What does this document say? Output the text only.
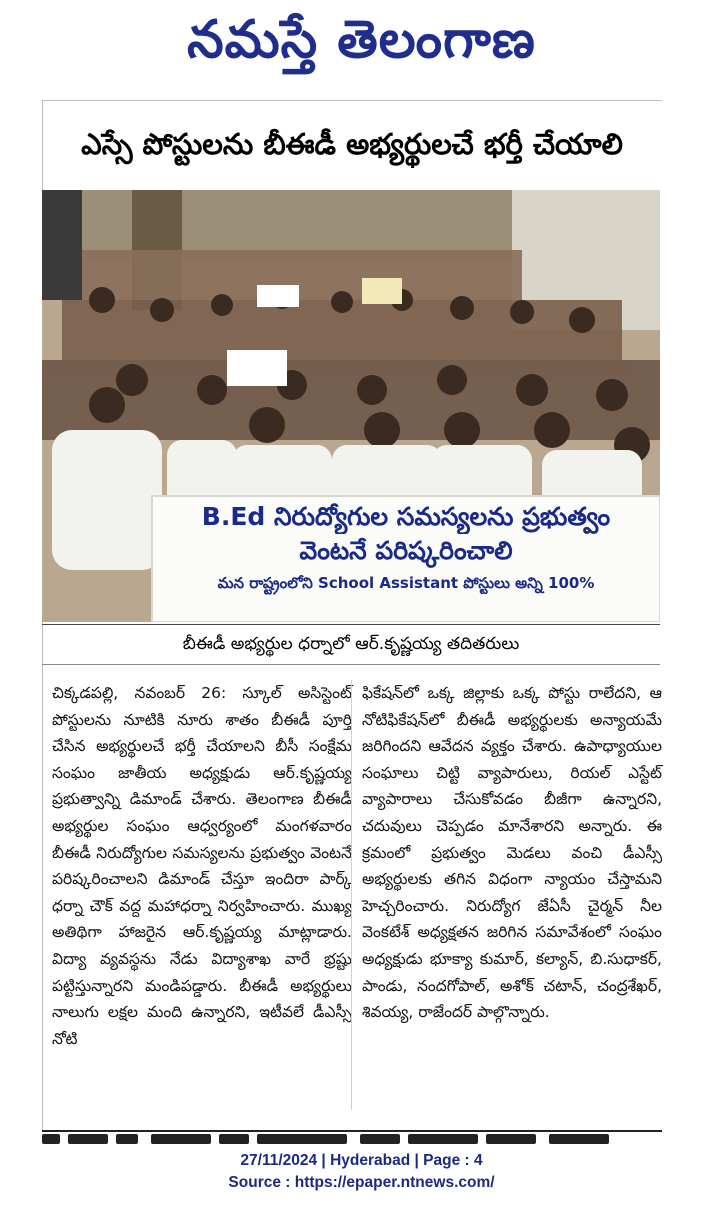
నమస్తే తెలంగాణ
ఎస్సే పోస్టులను బీఈడీ అభ్యర్థులచే భర్తీ చేయాలి
B.Ed నిరుద్యోగుల సమస్యలను ప్రభుత్వం
వెంటనే పరిష్కరించాలి
మన రాష్ట్రంలోని School Assistant పోస్టులు అన్ని 100%
బీఈడీ అభ్యర్థుల ధర్నాలో ఆర్.కృష్ణయ్య తదితరులు
చిక్కడపల్లి, నవంబర్ 26: స్కూల్ అసిస్టెంట్ పోస్టులను నూటికి నూరు శాతం బీఈడీ పూర్తి చేసిన అభ్యర్థులచే భర్తీ చేయాలని బీసీ సంక్షేమ సంఘం జాతీయ అధ్యక్షుడు ఆర్.కృష్ణయ్య ప్రభుత్వాన్ని డిమాండ్ చేశారు. తెలంగాణ బీఈడీ అభ్యర్థుల సంఘం ఆధ్వర్యంలో మంగళవారం బీఈడీ నిరుద్యోగుల సమస్యలను ప్రభుత్వం వెంటనే పరిష్కరించాలని డిమాండ్ చేస్తూ ఇందిరా పార్క్ ధర్నా చౌక్ వద్ద మహాధర్నా నిర్వహించారు. ముఖ్య అతిథిగా హాజరైన ఆర్.కృష్ణయ్య మాట్లాడారు. విద్యా వ్యవస్థను నేడు విద్యాశాఖ వారే భ్రష్టు పట్టిస్తున్నారని మండిపడ్డారు. బీఈడీ అభ్యర్థులు నాలుగు లక్షల మంది ఉన్నారని, ఇటీవలే డీఎస్సీ నోటి
ఫికేషన్‌లో ఒక్క జిల్లాకు ఒక్క పోస్టు రాలేదని, ఆ నోటిఫికేషన్‌లో బీఈడీ అభ్యర్థులకు అన్యాయమే జరిగిందని ఆవేదన వ్యక్తం చేశారు. ఉపాధ్యాయుల సంఘాలు చిట్టి వ్యాపారులు, రియల్ ఎస్టేట్ వ్యాపారాలు చేసుకోవడం బీజీగా ఉన్నారని, చదువులు చెప్పడం మానేశారని అన్నారు. ఈ క్రమంలో ప్రభుత్వం మెడలు వంచి డీఎస్సీ అభ్యర్థులకు తగిన విధంగా న్యాయం చేస్తామని హెచ్చరించారు. నిరుద్యోగ జేఏసీ చైర్మన్ నీల వెంకటేశ్ అధ్యక్షతన జరిగిన సమావేశంలో సంఘం అధ్యక్షుడు భూక్యా కుమార్, కల్యాన్, బి.సుధాకర్, పాండు, నందగోపాల్, అశోక్ చటాన్, చంద్రశేఖర్, శివయ్య, రాజేందర్ పాల్గొన్నారు.

27/11/2024 | Hyderabad | Page : 4
Source : https://epaper.ntnews.com/
